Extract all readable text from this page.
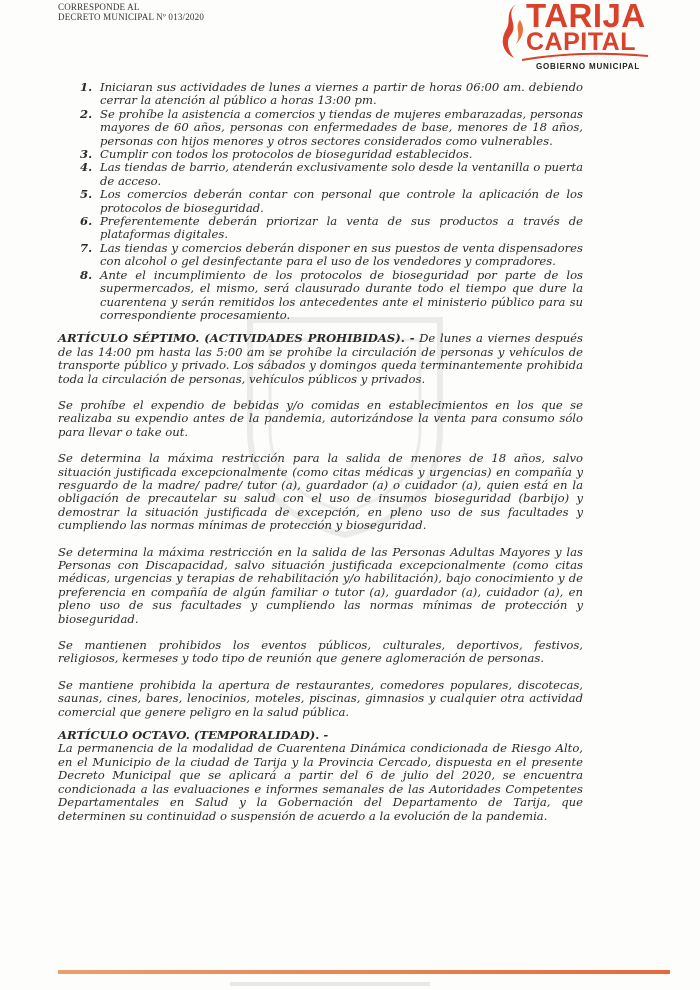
CORRESPONDE AL
DECRETO MUNICIPAL Nº 013/2020	TARIJA
CAPITAL
GOBIERNO MUNICIPAL
1. Iniciaran sus actividades de lunes a viernes a partir de horas 06:00 am. debiendo cerrar la atención al público a horas 13:00 pm.
2. Se prohíbe la asistencia a comercios y tiendas de mujeres embarazadas, personas mayores de 60 años, personas con enfermedades de base, menores de 18 años, personas con hijos menores y otros sectores considerados como vulnerables.
3. Cumplir con todos los protocolos de bioseguridad establecidos.
4. Las tiendas de barrio, atenderán exclusivamente solo desde la ventanilla o puerta de acceso.
5. Los comercios deberán contar con personal que controle la aplicación de los protocolos de bioseguridad.
6. Preferentemente deberán priorizar la venta de sus productos a través de plataformas digitales.
7. Las tiendas y comercios deberán disponer en sus puestos de venta dispensadores con alcohol o gel desinfectante para el uso de los vendedores y compradores.
8. Ante el incumplimiento de los protocolos de bioseguridad por parte de los supermercados, el mismo, será clausurado durante todo el tiempo que dure la cuarentena y serán remitidos los antecedentes ante el ministerio público para su correspondiente procesamiento.

ARTÍCULO SÉPTIMO. (ACTIVIDADES PROHIBIDAS). - De lunes a viernes después de las 14:00 pm hasta las 5:00 am se prohíbe la circulación de personas y vehículos de transporte público y privado. Los sábados y domingos queda terminantemente prohibida toda la circulación de personas, vehículos públicos y privados.

Se prohíbe el expendio de bebidas y/o comidas en establecimientos en los que se realizaba su expendio antes de la pandemia, autorizándose la venta para consumo sólo para llevar o take out.

Se determina la máxima restricción para la salida de menores de 18 años, salvo situación justificada excepcionalmente (como citas médicas y urgencias) en compañía y resguardo de la madre/ padre/ tutor (a), guardador (a) o cuidador (a), quien está en la obligación de precautelar su salud con el uso de insumos bioseguridad (barbijo) y demostrar la situación justificada de excepción, en pleno uso de sus facultades y cumpliendo las normas mínimas de protección y bioseguridad.

Se determina la máxima restricción en la salida de las Personas Adultas Mayores y las Personas con Discapacidad, salvo situación justificada excepcionalmente (como citas médicas, urgencias y terapias de rehabilitación y/o habilitación), bajo conocimiento y de preferencia en compañía de algún familiar o tutor (a), guardador (a), cuidador (a), en pleno uso de sus facultades y cumpliendo las normas mínimas de protección y bioseguridad.

Se mantienen prohibidos los eventos públicos, culturales, deportivos, festivos, religiosos, kermeses y todo tipo de reunión que genere aglomeración de personas.

Se mantiene prohibida la apertura de restaurantes, comedores populares, discotecas, saunas, cines, bares, lenocinios, moteles, piscinas, gimnasios y cualquier otra actividad comercial que genere peligro en la salud pública.

ARTÍCULO OCTAVO. (TEMPORALIDAD). -

La permanencia de la modalidad de Cuarentena Dinámica condicionada de Riesgo Alto, en el Municipio de la ciudad de Tarija y la Provincia Cercado, dispuesta en el presente Decreto Municipal que se aplicará a partir del 6 de julio del 2020, se encuentra condicionada a las evaluaciones e informes semanales de las Autoridades Competentes Departamentales en Salud y la Gobernación del Departamento de Tarija, que determinen su continuidad o suspensión de acuerdo a la evolución de la pandemia.
